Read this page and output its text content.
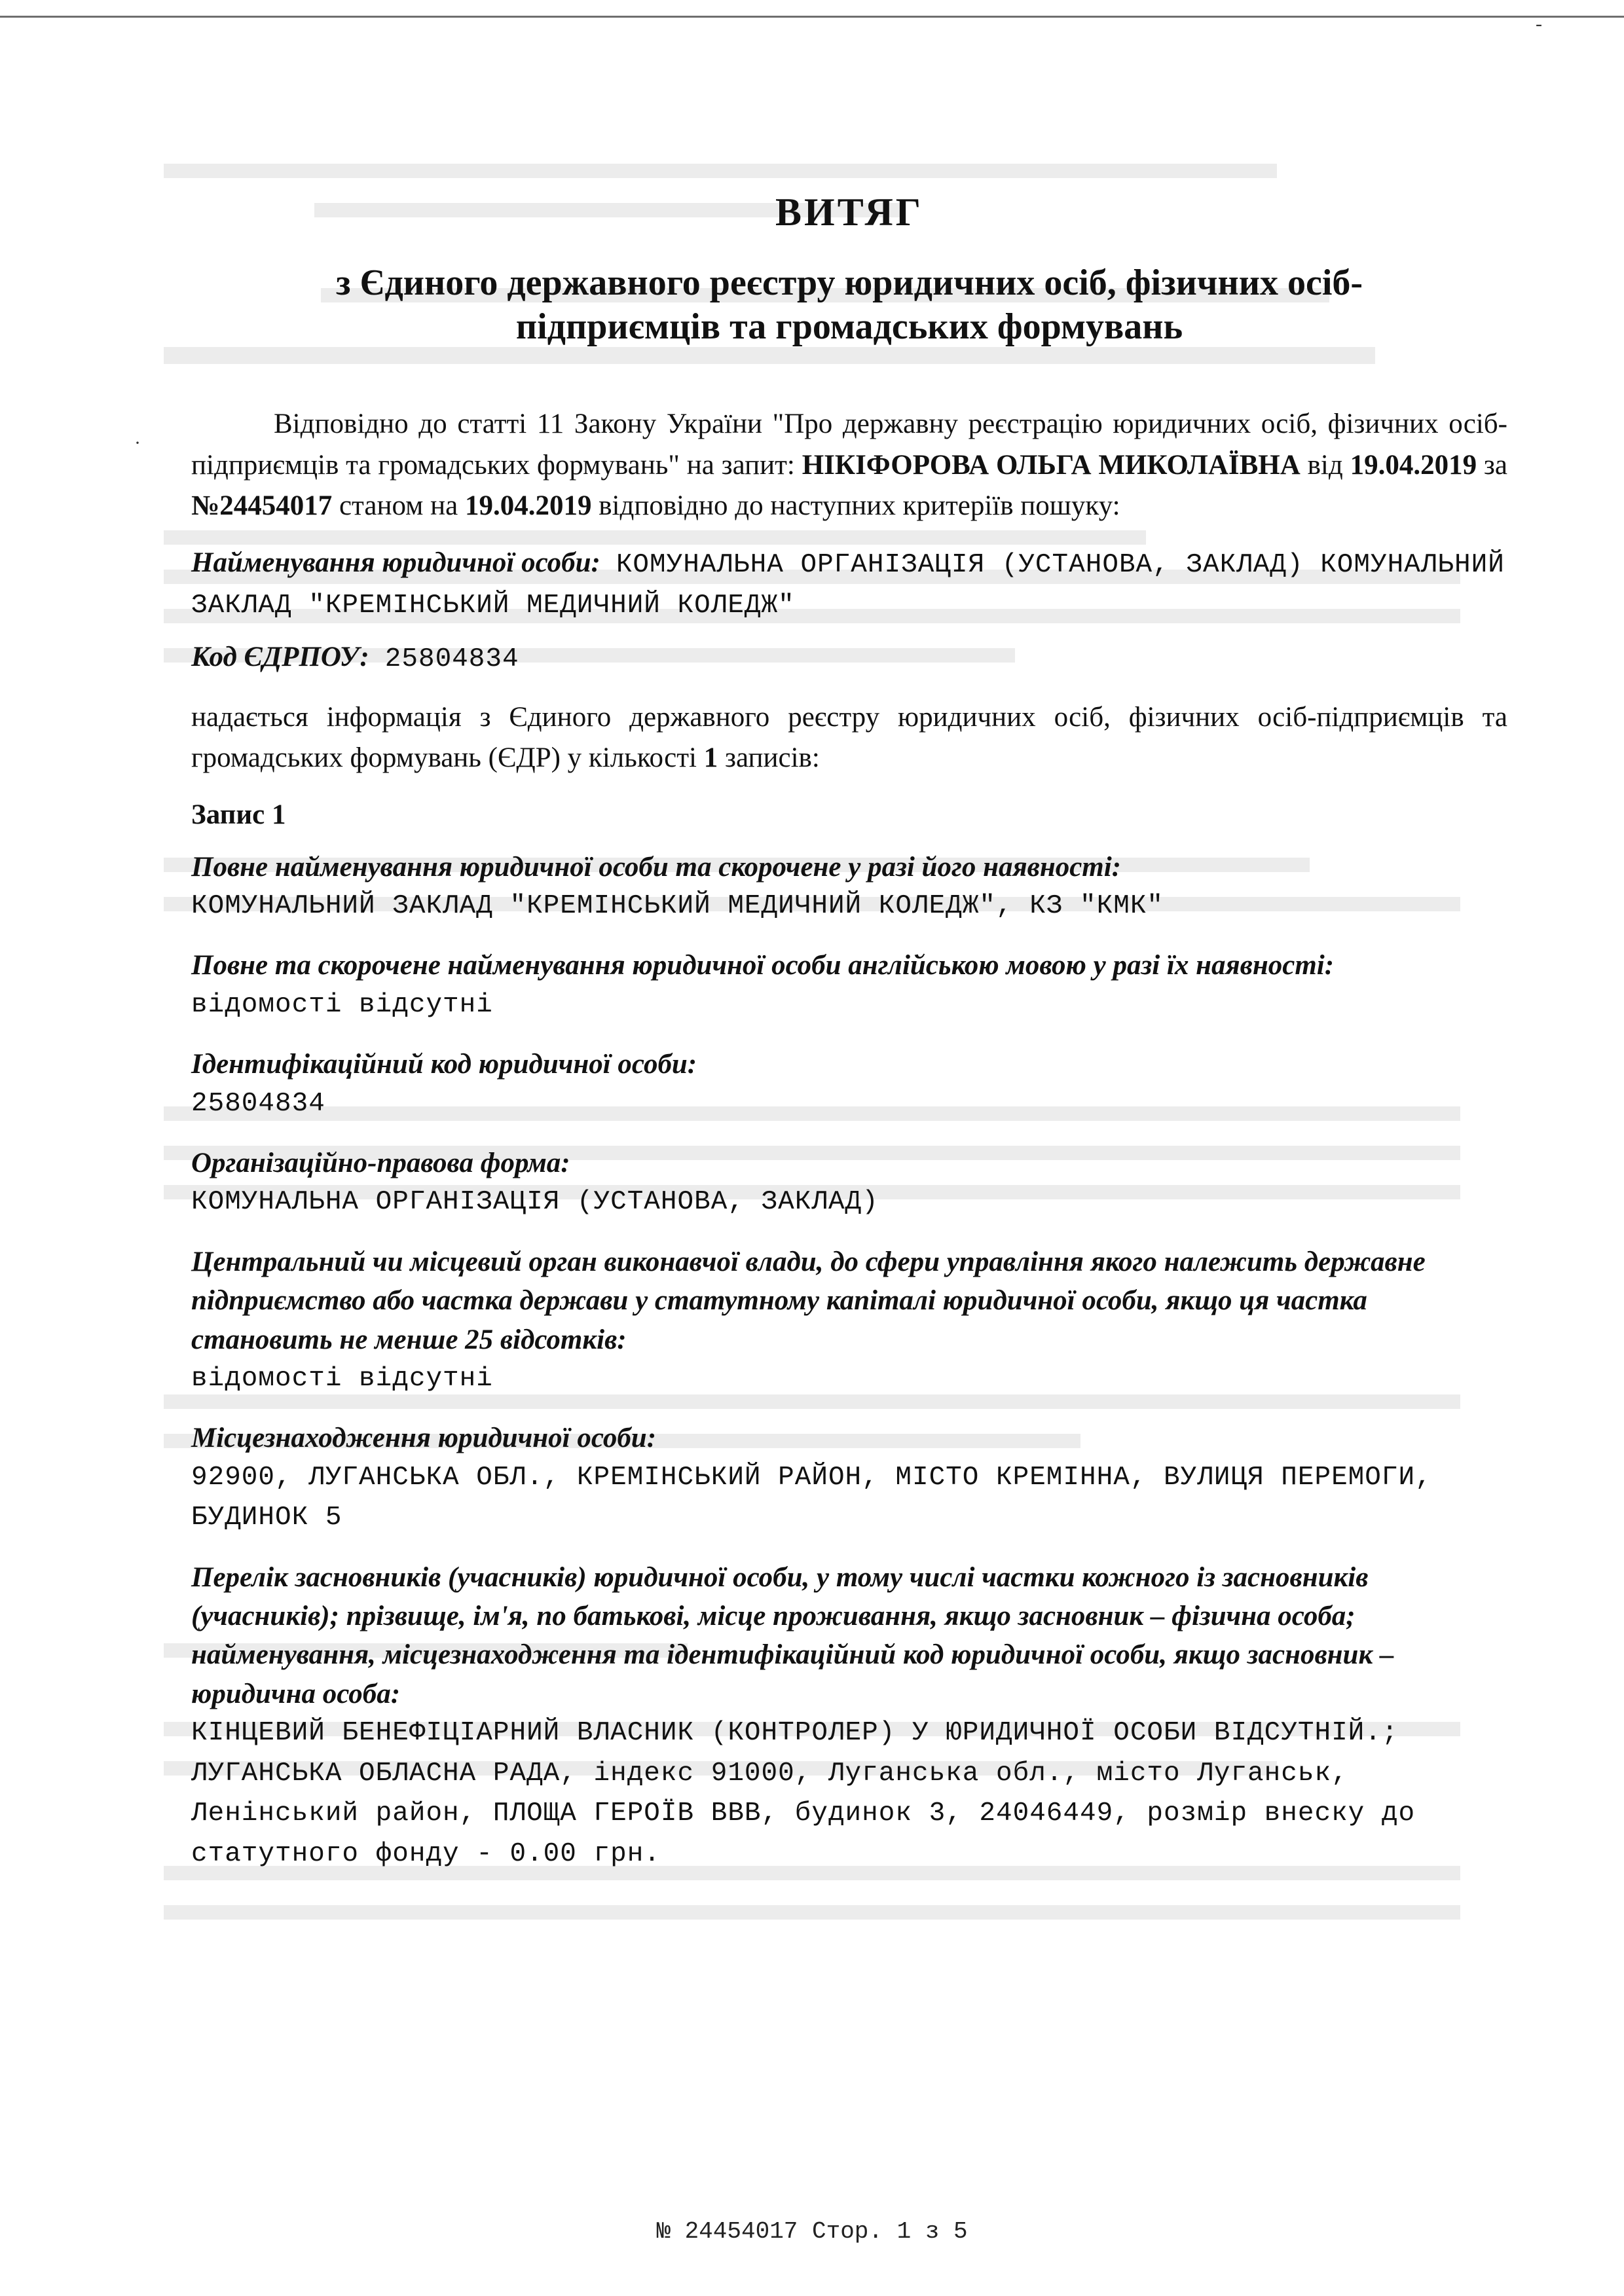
·
-
ВИТЯГ
з Єдиного державного реєстру юридичних осіб, фізичних осіб-підприємців та громадських формувань

Відповідно до статті 11 Закону України "Про державну реєстрацію юридичних осіб, фізичних осіб-підприємців та громадських формувань" на запит: НІКІФОРОВА ОЛЬГА МИКОЛАЇВНА від 19.04.2019 за №24454017 станом на 19.04.2019 відповідно до наступних критеріїв пошуку:

Найменування юридичної особи: КОМУНАЛЬНА ОРГАНІЗАЦІЯ (УСТАНОВА, ЗАКЛАД) КОМУНАЛЬНИЙ ЗАКЛАД "КРЕМІНСЬКИЙ МЕДИЧНИЙ КОЛЕДЖ"
Код ЄДРПОУ: 25804834

надається інформація з Єдиного державного реєстру юридичних осіб, фізичних осіб-підприємців та громадських формувань (ЄДР) у кількості 1 записів:

Запис 1
Повне найменування юридичної особи та скорочене у разі його наявності:
КОМУНАЛЬНИЙ ЗАКЛАД "КРЕМІНСЬКИЙ МЕДИЧНИЙ КОЛЕДЖ", КЗ "КМК"
Повне та скорочене найменування юридичної особи англійською мовою у разі їх наявності:
відомості відсутні
Ідентифікаційний код юридичної особи:
25804834
Організаційно-правова форма:
КОМУНАЛЬНА ОРГАНІЗАЦІЯ (УСТАНОВА, ЗАКЛАД)
Центральний чи місцевий орган виконавчої влади, до сфери управління якого належить державне підприємство або частка держави у статутному капіталі юридичної особи, якщо ця частка становить не менше 25 відсотків:
відомості відсутні
Місцезнаходження юридичної особи:
92900, ЛУГАНСЬКА ОБЛ., КРЕМІНСЬКИЙ РАЙОН, МІСТО КРЕМІННА, ВУЛИЦЯ ПЕРЕМОГИ, БУДИНОК 5
Перелік засновників (учасників) юридичної особи, у тому числі частки кожного із засновників (учасників); прізвище, ім'я, по батькові, місце проживання, якщо засновник – фізична особа; найменування, місцезнаходження та ідентифікаційний код юридичної особи, якщо засновник – юридична особа:
КІНЦЕВИЙ БЕНЕФІЦІАРНИЙ ВЛАСНИК (КОНТРОЛЕР) У ЮРИДИЧНОЇ ОСОБИ ВІДСУТНІЙ.; ЛУГАНСЬКА ОБЛАСНА РАДА, індекс 91000, Луганська обл., місто Луганськ, Ленінський район, ПЛОЩА ГЕРОЇВ ВВВ, будинок 3, 24046449, розмір внеску до статутного фонду - 0.00 грн.
№ 24454017 Стор. 1 з 5
